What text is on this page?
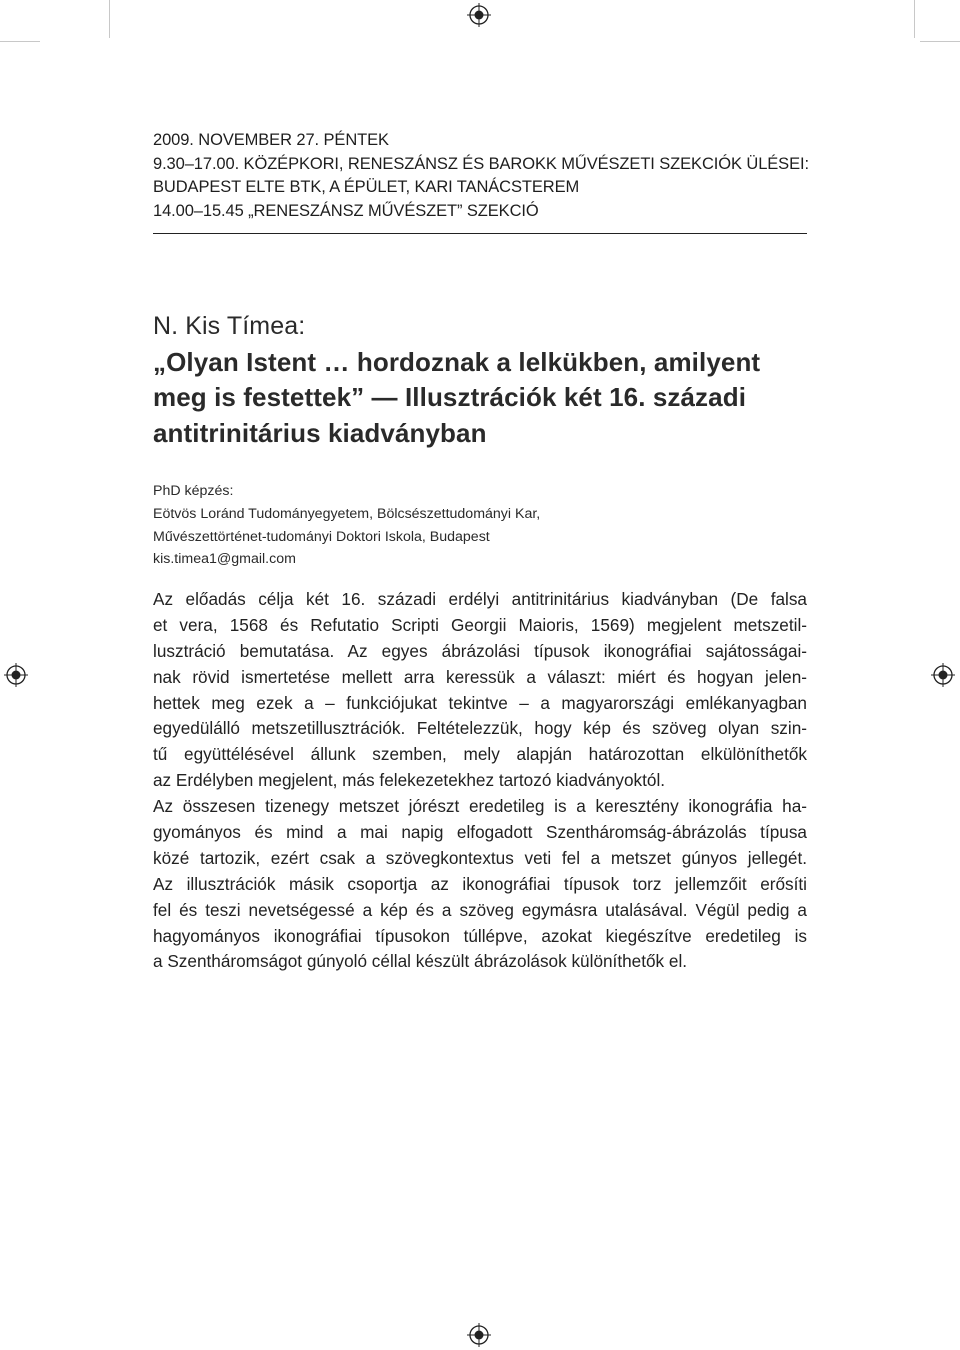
2009. NOVEMBER 27. PÉNTEK
9.30–17.00. KÖZÉPKORI, RENESZÁNSZ ÉS BAROKK MŰVÉSZETI SZEKCIÓK ÜLÉSEI:
BUDAPEST ELTE BTK, A ÉPÜLET, KARI TANÁCSTEREM
14.00–15.45 „RENESZÁNSZ MŰVÉSZET” SZEKCIÓ
N. Kis Tímea:
„Olyan Istent … hordoznak a lelkükben, amilyent
meg is festettek” — Illusztrációk két 16. századi
antitrinitárius kiadványban
PhD képzés:
Eötvös Loránd Tudományegyetem, Bölcsészettudományi Kar,
Művészettörténet-tudományi Doktori Iskola, Budapest
kis.timea1@gmail.com
Az előadás célja két 16. századi erdélyi antitrinitárius kiadványban (De falsa
et vera, 1568 és Refutatio Scripti Georgii Maioris, 1569) megjelent metszetil-
lusztráció bemutatása. Az egyes ábrázolási típusok ikonográfiai sajátosságai-
nak rövid ismertetése mellett arra keressük a választ: miért és hogyan jelen-
hettek meg ezek a – funkciójukat tekintve – a magyarországi emlékanyagban
egyedülálló metszetillusztrációk. Feltételezzük, hogy kép és szöveg olyan szin-
tű együttélésével állunk szemben, mely alapján határozottan elkülöníthetők
az Erdélyben megjelent, más felekezetekhez tartozó kiadványoktól.
Az összesen tizenegy metszet jórészt eredetileg is a keresztény ikonográfia ha-
gyományos és mind a mai napig elfogadott Szentháromság-ábrázolás típusa
közé tartozik, ezért csak a szövegkontextus veti fel a metszet gúnyos jellegét.
Az illusztrációk másik csoportja az ikonográfiai típusok torz jellemzőit erősíti
fel és teszi nevetségessé a kép és a szöveg egymásra utalásával. Végül pedig a
hagyományos ikonográfiai típusokon túllépve, azokat kiegészítve eredetileg is
a Szentháromságot gúnyoló céllal készült ábrázolások különíthetők el.
